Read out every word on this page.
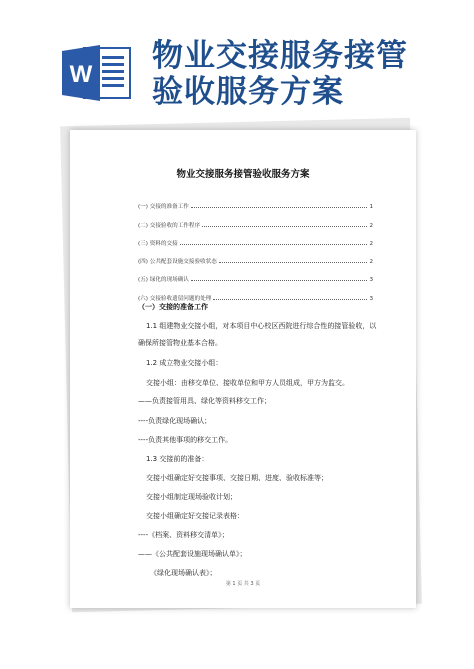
W
物业交接服务接管
验收服务方案
物业交接服务接管验收服务方案
(一) 交接的准备工作	1
(二) 交接验收的工作程序	2
(三) 资料的交接	2
(四) 公共配套设施交接验收状态	2
(五) 绿化的现场确认	3
(六) 交接验收遗留问题的处理	3
（一）交接的准备工作
1.1 组建物业交接小组，对本项目中心校区西院进行综合性的接管验收，以
确保所接管物业基本合格。
1.2 成立物业交接小组：
交接小组：由移交单位、接收单位和甲方人员组成，甲方为监交。
——负责接管用具、绿化等资料移交工作；
----负责绿化现场确认；
----负责其他事项的移交工作。
1.3 交接前的准备：
交接小组确定好交接事项、交接日期、进度、验收标准等；
交接小组制定现场验收计划；
交接小组确定好交接记录表格：
----《档案、资料移交清单》；
——《公共配套设施现场确认单》；
《绿化现场确认表》；
第 1 页 共 3 页
